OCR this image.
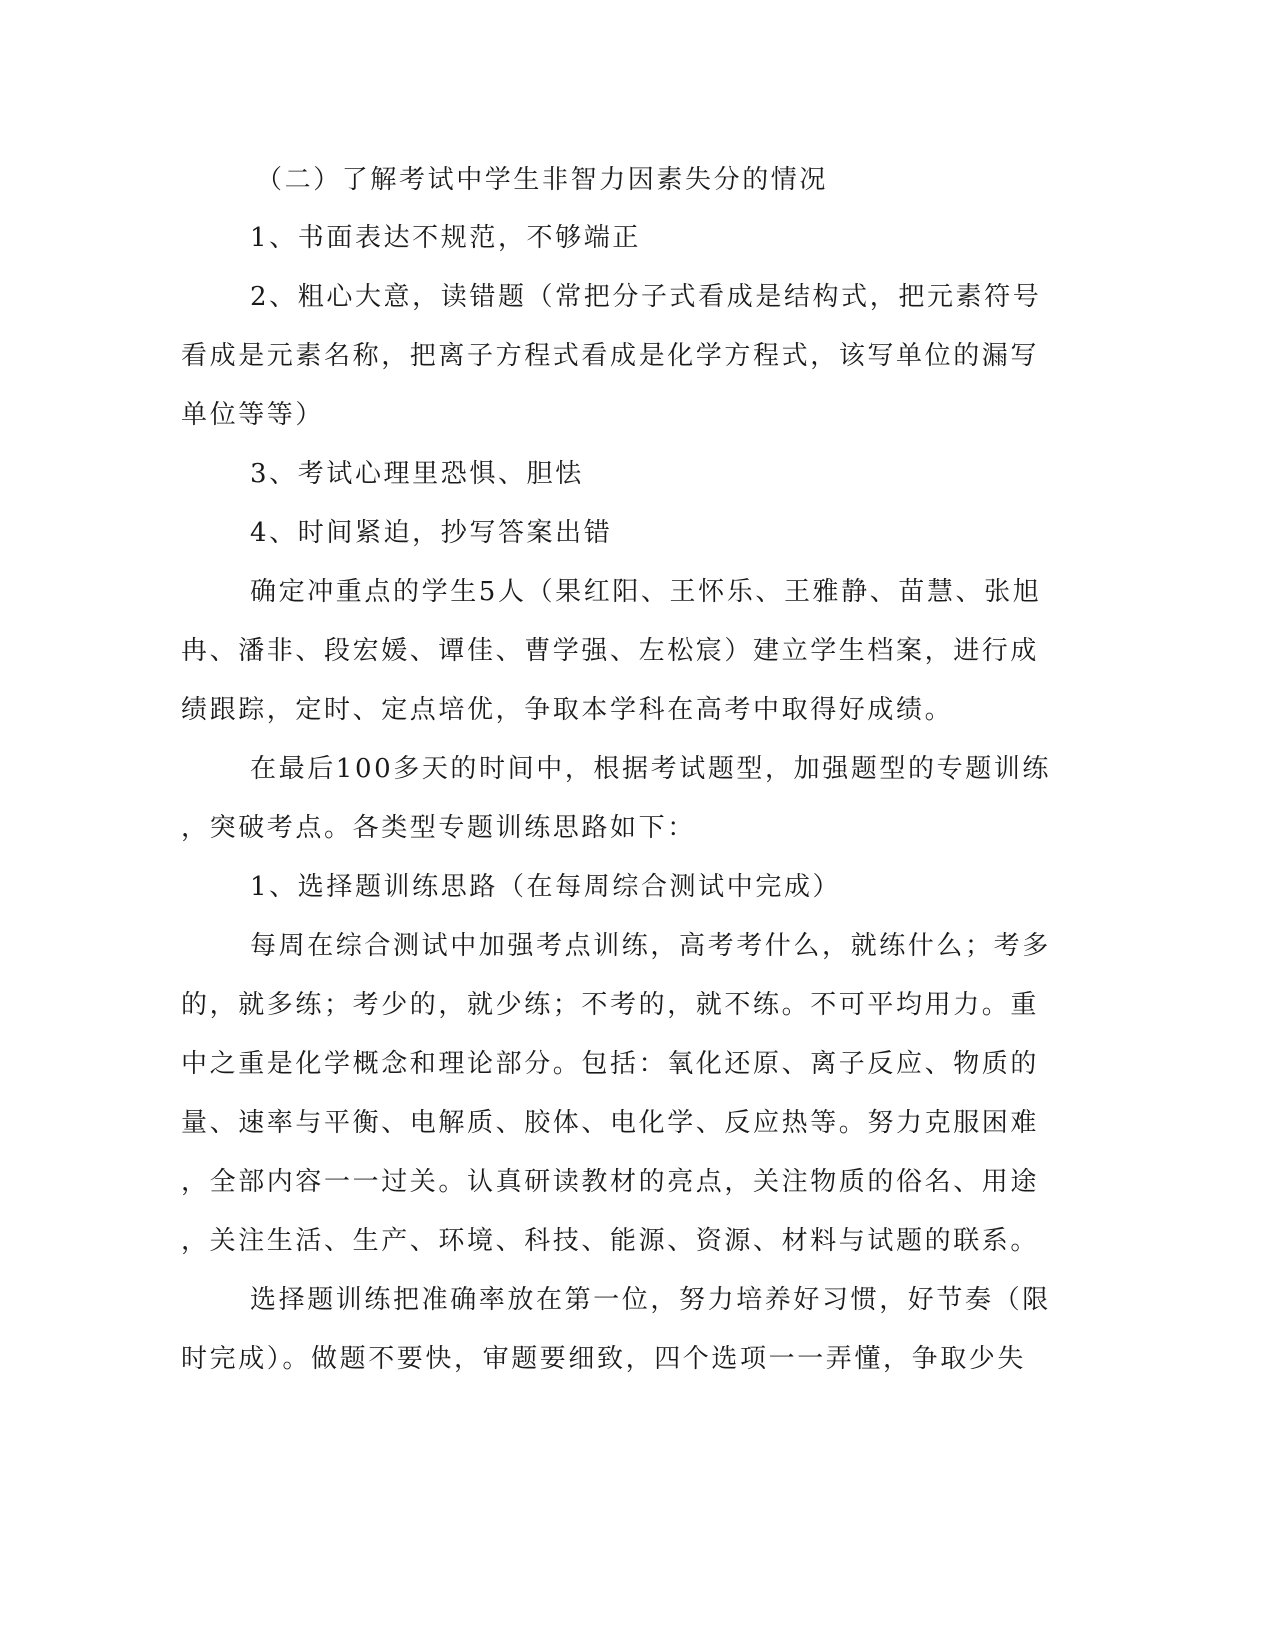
（二）了解考试中学生非智力因素失分的情况

1、书面表达不规范，不够端正

2、粗心大意，读错题（常把分子式看成是结构式，把元素符号

看成是元素名称，把离子方程式看成是化学方程式，该写单位的漏写

单位等等）

3、考试心理里恐惧、胆怯

4、时间紧迫，抄写答案出错

确定冲重点的学生5人（果红阳、王怀乐、王雅静、苗慧、张旭

冉、潘非、段宏媛、谭佳、曹学强、左松宸）建立学生档案，进行成

绩跟踪，定时、定点培优，争取本学科在高考中取得好成绩。

在最后100多天的时间中，根据考试题型，加强题型的专题训练

，突破考点。各类型专题训练思路如下：

1、选择题训练思路（在每周综合测试中完成）

每周在综合测试中加强考点训练，高考考什么，就练什么；考多

的，就多练；考少的，就少练；不考的，就不练。不可平均用力。重

中之重是化学概念和理论部分。包括：氧化还原、离子反应、物质的

量、速率与平衡、电解质、胶体、电化学、反应热等。努力克服困难

，全部内容一一过关。认真研读教材的亮点，关注物质的俗名、用途

，关注生活、生产、环境、科技、能源、资源、材料与试题的联系。

选择题训练把准确率放在第一位，努力培养好习惯，好节奏（限

时完成）。做题不要快，审题要细致，四个选项一一弄懂，争取少失
